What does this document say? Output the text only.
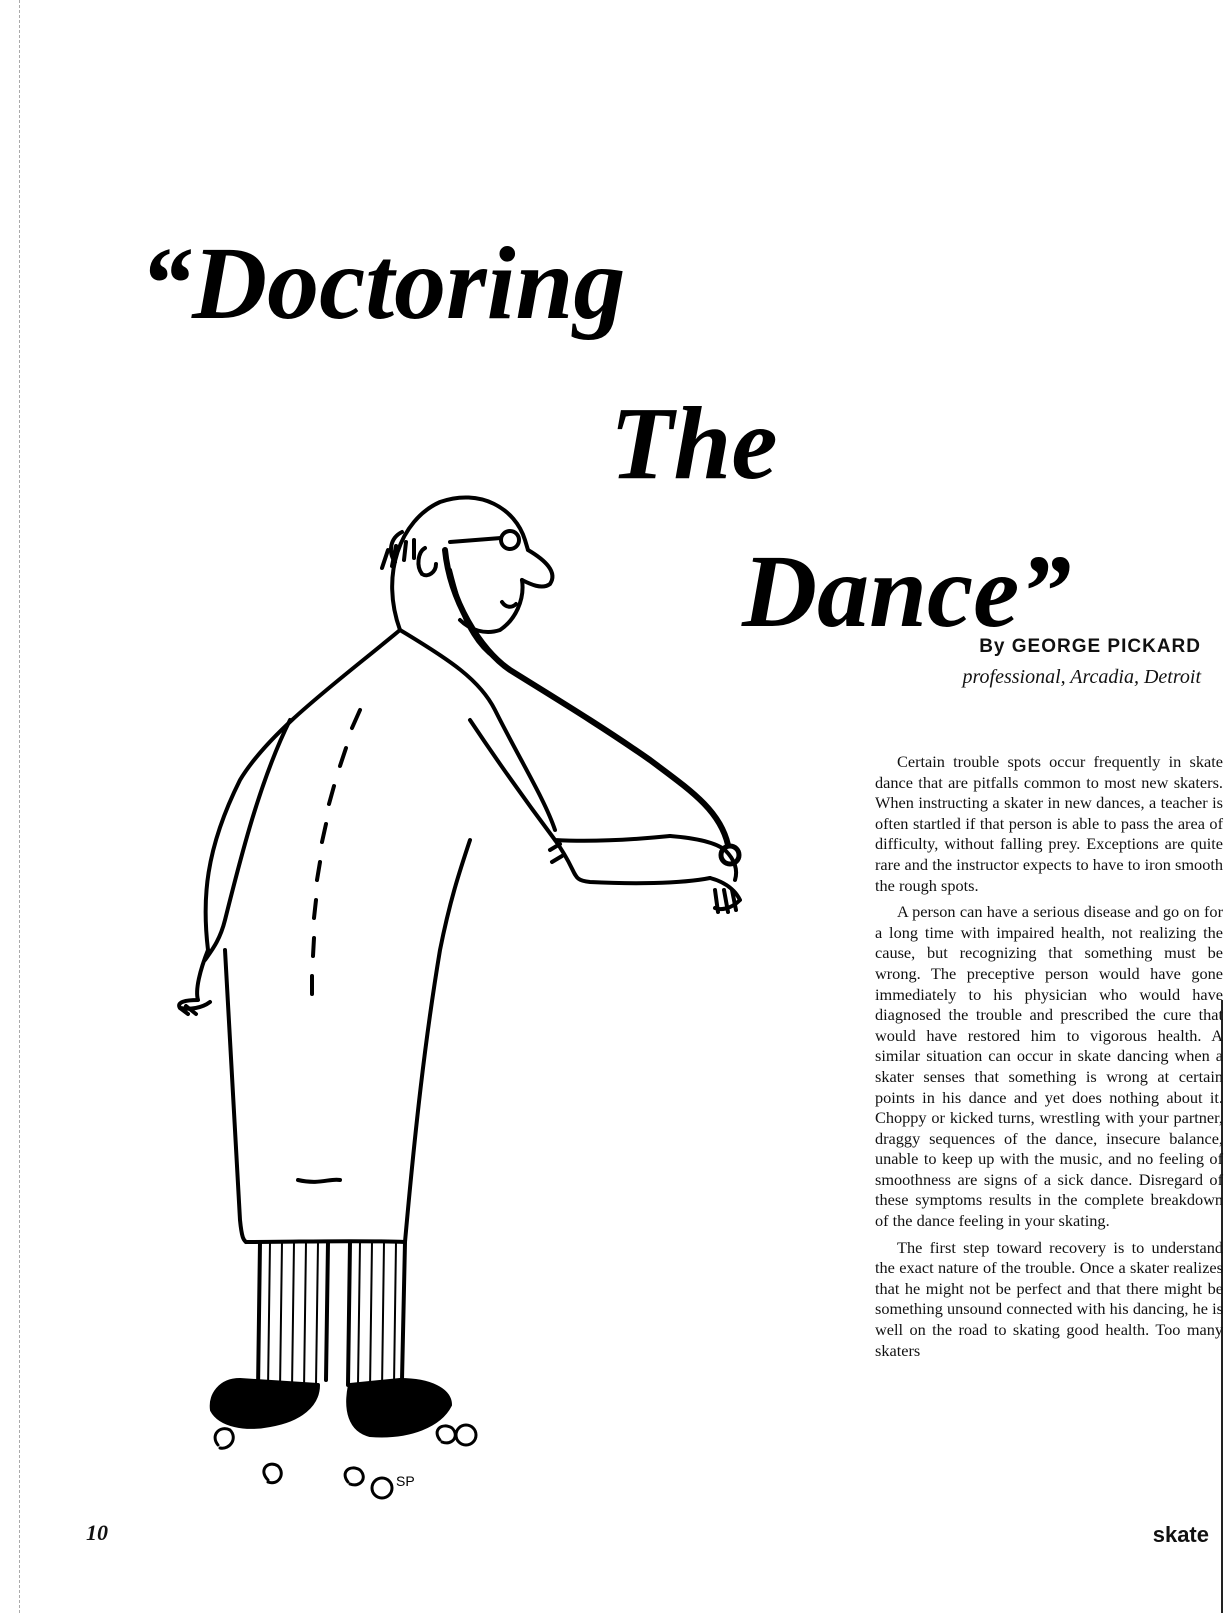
“Doctoring
The
Dance”
SP
By GEORGE PICKARD
professional, Arcadia, Detroit

Certain trouble spots occur frequently in skate dance that are pitfalls common to most new skaters. When instructing a skater in new dances, a teacher is often startled if that person is able to pass the area of difficulty, without falling prey. Exceptions are quite rare and the instructor expects to have to iron smooth the rough spots.

A person can have a serious disease and go on for a long time with impaired health, not realizing the cause, but recognizing that something must be wrong. The preceptive person would have gone immediately to his physician who would have diagnosed the trouble and prescribed the cure that would have restored him to vigorous health. A similar situation can occur in skate dancing when a skater senses that something is wrong at certain points in his dance and yet does nothing about it. Choppy or kicked turns, wrestling with your partner, draggy sequences of the dance, insecure balance, unable to keep up with the music, and no feeling of smoothness are signs of a sick dance. Disregard of these symptoms results in the complete breakdown of the dance feeling in your skating.

The first step toward recovery is to understand the exact nature of the trouble. Once a skater realizes that he might not be perfect and that there might be something unsound connected with his dancing, he is well on the road to skating good health. Too many skaters

10	skate
